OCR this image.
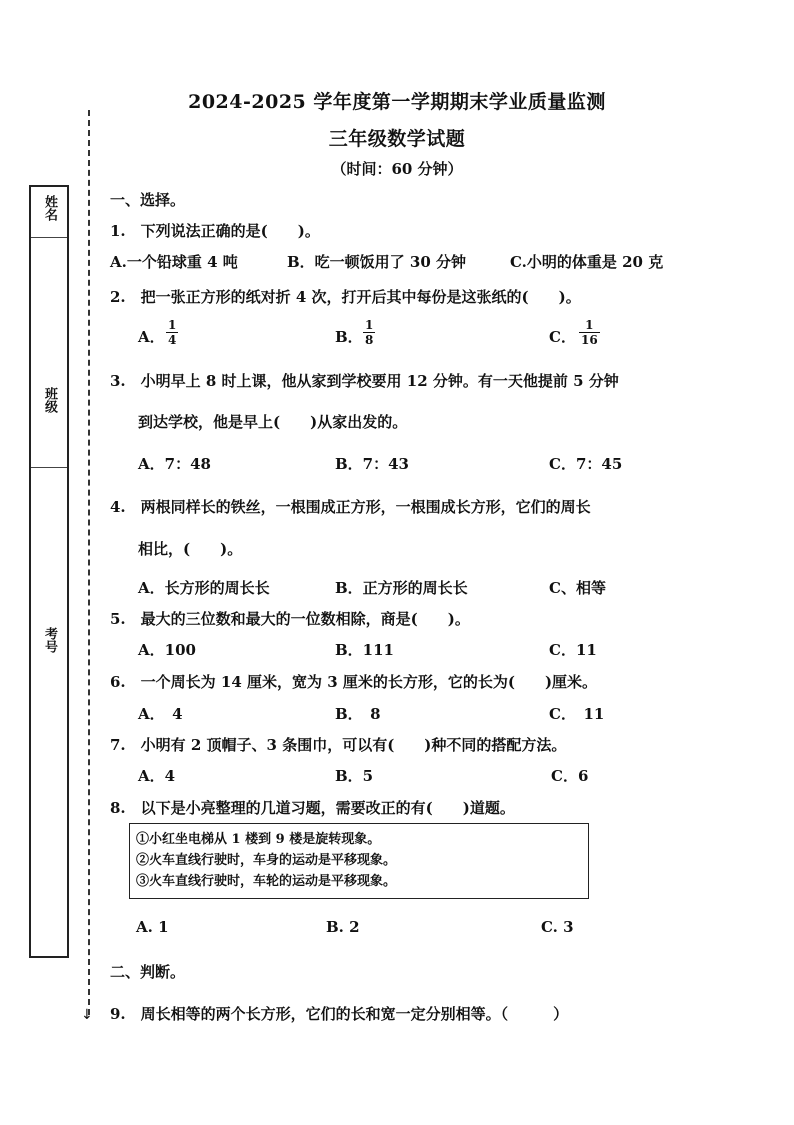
姓名
班级
考号
↓
2024-2025 学年度第一学期期末学业质量监测
三年级数学试题
（时间：60 分钟）
一、选择。
1.　下列说法正确的是(　　)。
A.一个铅球重 4 吨	B．吃一顿饭用了 30 分钟	C.小明的体重是 20 克
2.　把一张正方形的纸对折 4 次，打开后其中每份是这张纸的(　　)。
A． $\frac{1}{4}$	B． $\frac{1}{8}$	C． $\frac{1}{16}$
3.　小明早上 8 时上课，他从家到学校要用 12 分钟。有一天他提前 5 分钟
到达学校，他是早上(　　)从家出发的。
A．7：48	B．7：43	C．7：45
4.　两根同样长的铁丝，一根围成正方形，一根围成长方形，它们的周长
相比，(　　)。
A．长方形的周长长	B．正方形的周长长	C、相等
5.　最大的三位数和最大的一位数相除，商是(　　)。
A．100	B．111	C．11
6.　一个周长为 14 厘米，宽为 3 厘米的长方形，它的长为(　　)厘米。
A．　4	B．　8	C．　11
7.　小明有 2 顶帽子、3 条围巾，可以有(　　)种不同的搭配方法。
A．4	B．5	C．6
8.　以下是小亮整理的几道习题，需要改正的有(　　)道题。
①小红坐电梯从 1 楼到 9 楼是旋转现象。
②火车直线行驶时，车身的运动是平移现象。
③火车直线行驶时，车轮的运动是平移现象。
A. 1	B. 2	C. 3
二、判断。
9.　周长相等的两个长方形，它们的长和宽一定分别相等。（　　　）
